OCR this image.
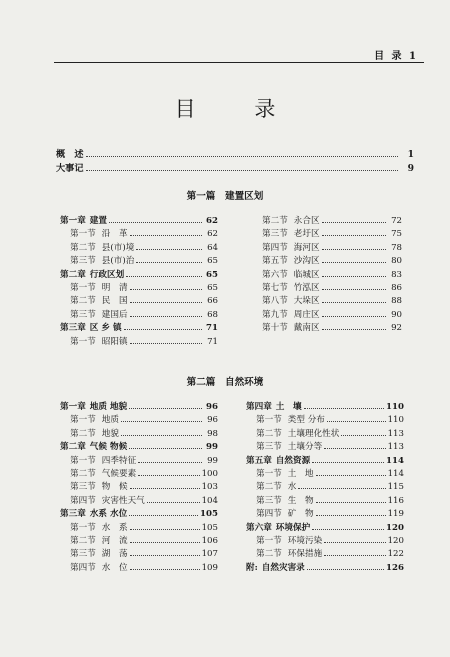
目 录 1
目 录
概　述	1
大事记	9
第一篇　建置区划
第一章 建置	62
第一节 沿　革	62
第二节 县(市)境	64
第三节 县(市)治	65
第二章 行政区划	65
第一节 明　清	65
第二节 民　国	66
第三节 建国后	68
第三章 区 乡 镇	71
第一节 昭阳镇	71
第二节 永合区	72
第三节 老圩区	75
第四节 海河区	78
第五节 沙沟区	80
第六节 临城区	83
第七节 竹泓区	86
第八节 大垛区	88
第九节 周庄区	90
第十节 戴南区	92
第二篇　自然环境
第一章 地质 地貌	96
第一节 地质	96
第二节 地貌	98
第二章 气候 物候	99
第一节 四季特征	99
第二节 气候要素	100
第三节 物　候	103
第四节 灾害性天气	104
第三章 水系 水位	105
第一节 水　系	105
第二节 河　流	106
第三节 湖　荡	107
第四节 水　位	109
第四章 土　壤	110
第一节 类型 分布	110
第二节 土壤理化性状	113
第三节 土壤分等	113
第五章 自然资源	114
第一节 土　地	114
第二节 水	115
第三节 生　物	116
第四节 矿　物	119
第六章 环境保护	120
第一节 环境污染	120
第二节 环保措施	122
附: 自然灾害录	126
